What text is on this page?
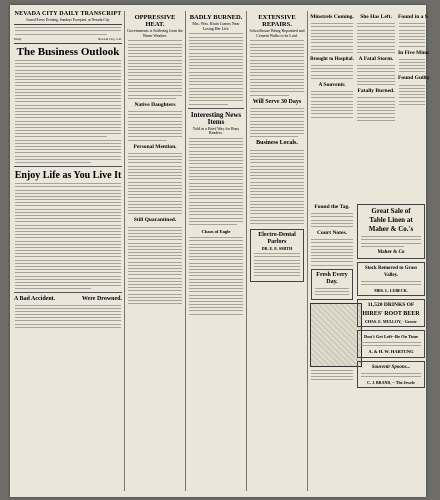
NEVADA CITY DAILY TRANSCRIPT
Issued Every Evening, Sundays Excepted, at Nevada City
Daily	Nevada City, Cal.
The Business Outlook
Enjoy Life as You Live It
A Bad Accident.	Were Drowned.
OPPRESSIVE HEAT.
Governments is Suffering from the Warm Weather.
Native Daughters
Personal Mention.
Still Quarantined.
BADLY BURNED.
Mrs. Wm. Kluin Comes Near Losing Her Life.
Interesting News Items
Told in a Brief Way for Busy Readers.
Chaos of Eagle
EXTENSIVE REPAIRS.
Schoolhouse Being Repainted and Cement Walks to be Laid.
Will Serve 30 Days
Business Locals.
Electro-Dental Parlors
DR. E. E. SMITH
Minstrels Coming.
Brought to Hospital.
A Souvenir.
She Has Left.
A Fatal Storm.
Fatally Burned.
Found in a S
In Five Minu
Found Guilty
Found the Tag.
Court Notes.
Fresh Every Day.
Great Sale of
Table Linen at
Maher & Co.'s
Maher & Co
Stock Removed to Grass Valley.
MRS. L. LUBECK.
11,520 DRINKS OF
HIRES' ROOT BEER
CHAS. E. MULLOY, - Grocer
Don't Get Left--Be On Time
A. & H. W. HARTUNG
Souvenir Spoons...
C. J. BRAND, -- The Jewele
